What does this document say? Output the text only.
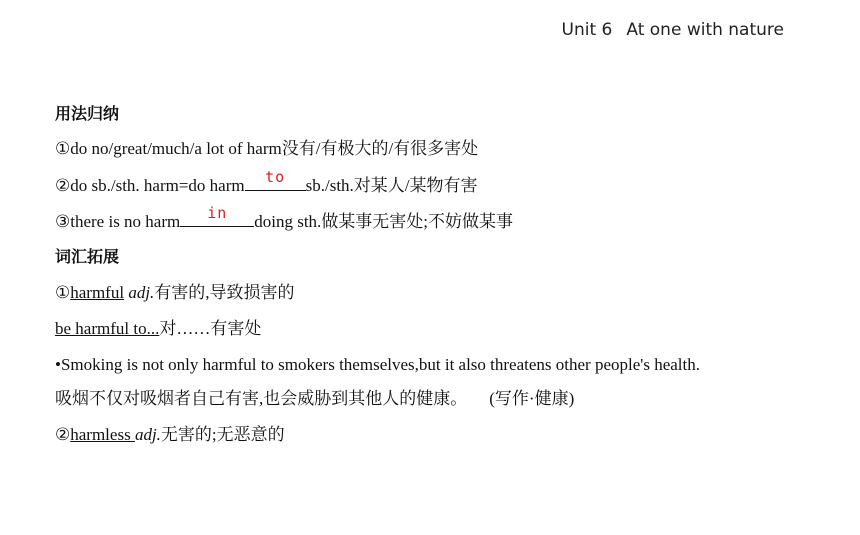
Unit 6 At one with nature
用法归纳
①do no/great/much/a lot of harm没有/有极大的/有很多害处
②do sb./sth. harm=do harm	to	sb./sth.对某人/某物有害
③there is no harm	in	doing sth.做某事无害处;不妨做某事
词汇拓展
①harmful adj.有害的,导致损害的
be harmful to...对……有害处
•Smoking is not only harmful to smokers themselves,but it also threatens other people's health.
吸烟不仅对吸烟者自己有害,也会威胁到其他人的健康。 (写作·健康)
②harmless adj.无害的;无恶意的
